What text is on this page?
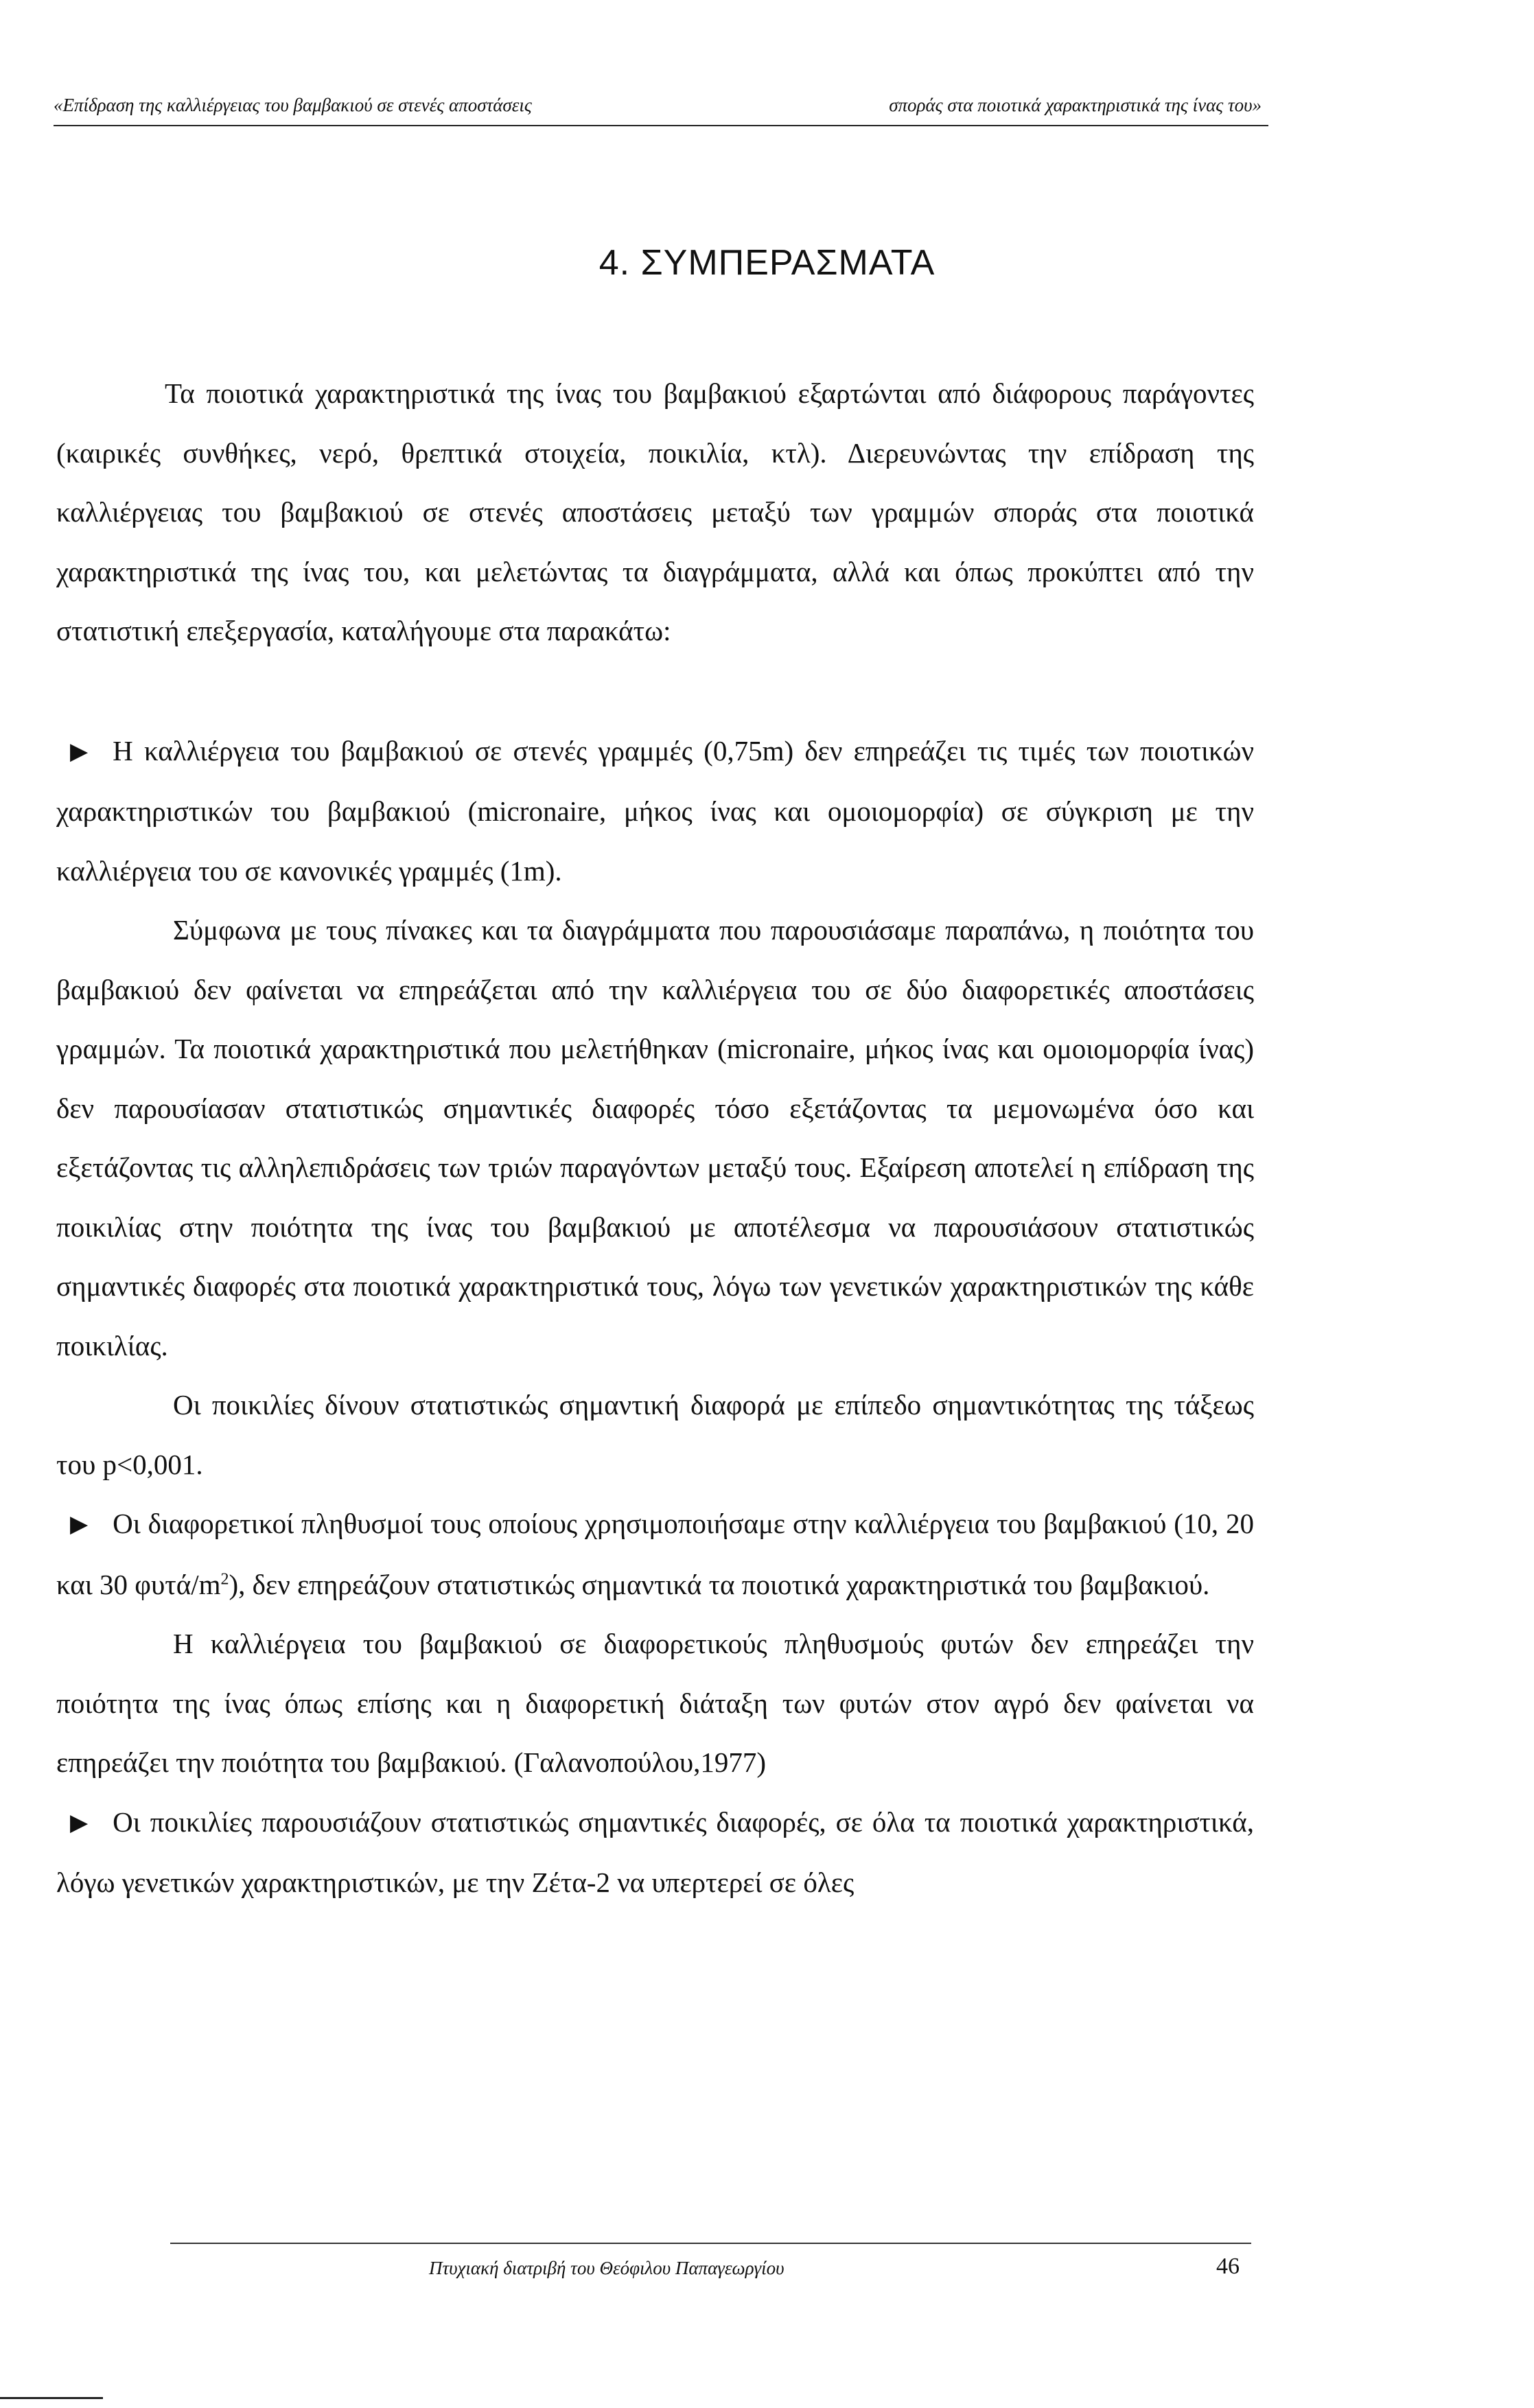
«Επίδραση της καλλιέργειας του βαμβακιού σε στενές αποστάσεις	σποράς στα ποιοτικά χαρακτηριστικά της ίνας του»
4. ΣΥΜΠΕΡΑΣΜΑΤΑ

Τα ποιοτικά χαρακτηριστικά της ίνας του βαμβακιού εξαρτώνται από διάφορους παράγοντες (καιρικές συνθήκες, νερό, θρεπτικά στοιχεία, ποικιλία, κτλ). Διερευνώντας την επίδραση της καλλιέργειας του βαμβακιού σε στενές αποστάσεις μεταξύ των γραμμών σποράς στα ποιοτικά χαρακτηριστικά της ίνας του, και μελετώντας τα διαγράμματα, αλλά και όπως προκύπτει από την στατιστική επεξεργασία, καταλήγουμε στα παρακάτω:

▶ Η καλλιέργεια του βαμβακιού σε στενές γραμμές (0,75m) δεν επηρεάζει τις τιμές των ποιοτικών χαρακτηριστικών του βαμβακιού (micronaire, μήκος ίνας και ομοιομορφία) σε σύγκριση με την καλλιέργεια του σε κανονικές γραμμές (1m).

Σύμφωνα με τους πίνακες και τα διαγράμματα που παρουσιάσαμε παραπάνω, η ποιότητα του βαμβακιού δεν φαίνεται να επηρεάζεται από την καλλιέργεια του σε δύο διαφορετικές αποστάσεις γραμμών. Τα ποιοτικά χαρακτηριστικά που μελετήθηκαν (micronaire, μήκος ίνας και ομοιομορφία ίνας) δεν παρουσίασαν στατιστικώς σημαντικές διαφορές τόσο εξετάζοντας τα μεμονωμένα όσο και εξετάζοντας τις αλληλεπιδράσεις των τριών παραγόντων μεταξύ τους. Εξαίρεση αποτελεί η επίδραση της ποικιλίας στην ποιότητα της ίνας του βαμβακιού με αποτέλεσμα να παρουσιάσουν στατιστικώς σημαντικές διαφορές στα ποιοτικά χαρακτηριστικά τους, λόγω των γενετικών χαρακτηριστικών της κάθε ποικιλίας.

Οι ποικιλίες δίνουν στατιστικώς σημαντική διαφορά με επίπεδο σημαντικότητας της τάξεως του p<0,001.

▶ Οι διαφορετικοί πληθυσμοί τους οποίους χρησιμοποιήσαμε στην καλλιέργεια του βαμβακιού (10, 20 και 30 φυτά/$m^2$), δεν επηρεάζουν στατιστικώς σημαντικά τα ποιοτικά χαρακτηριστικά του βαμβακιού.

Η καλλιέργεια του βαμβακιού σε διαφορετικούς πληθυσμούς φυτών δεν επηρεάζει την ποιότητα της ίνας όπως επίσης και η διαφορετική διάταξη των φυτών στον αγρό δεν φαίνεται να επηρεάζει την ποιότητα του βαμβακιού. (Γαλανοπούλου,1977)

▶ Οι ποικιλίες παρουσιάζουν στατιστικώς σημαντικές διαφορές, σε όλα τα ποιοτικά χαρακτηριστικά, λόγω γενετικών χαρακτηριστικών, με την Ζέτα-2 να υπερτερεί σε όλες

Πτυχιακή διατριβή του Θεόφιλου Παπαγεωργίου	46
